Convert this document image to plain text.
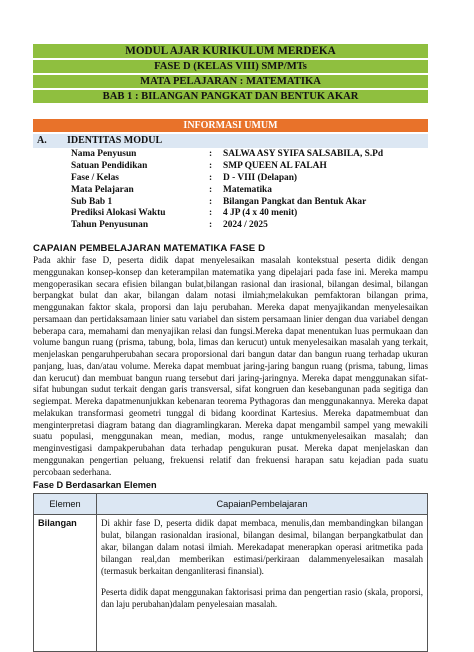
MODUL AJAR KURIKULUM MERDEKA
FASE D (KELAS VIII) SMP/MTs
MATA PELAJARAN : MATEMATIKA
BAB 1 : BILANGAN PANGKAT DAN BENTUK AKAR
INFORMASI UMUM
A.	IDENTITAS MODUL
Nama Penyusun	:	SALWA ASY SYIFA SALSABILA, S.Pd
Satuan Pendidikan	:	SMP QUEEN AL FALAH
Fase / Kelas	:	D - VIII (Delapan)
Mata Pelajaran	:	Matematika
Sub Bab 1	:	Bilangan Pangkat dan Bentuk Akar
Prediksi Alokasi Waktu	:	4 JP (4 x 40 menit)
Tahun Penyusunan	:	2024 / 2025
CAPAIAN PEMBELAJARAN MATEMATIKA FASE D
Pada akhir fase D, peserta didik dapat menyelesaikan masalah kontekstual peserta didik dengan menggunakan konsep-konsep dan keterampilan matematika yang dipelajari pada fase ini. Mereka mampu mengoperasikan secara efisien bilangan bulat,bilangan rasional dan irasional, bilangan desimal, bilangan berpangkat bulat dan akar, bilangan dalam notasi ilmiah;melakukan pemfaktoran bilangan prima, menggunakan faktor skala, proporsi dan laju perubahan. Mereka dapat menyajikandan menyelesaikan persamaan dan pertidaksamaan linier satu variabel dan sistem persamaan linier dengan dua variabel dengan beberapa cara, memahami dan menyajikan relasi dan fungsi.Mereka dapat menentukan luas permukaan dan volume bangun ruang (prisma, tabung, bola, limas dan kerucut) untuk menyelesaikan masalah yang terkait, menjelaskan pengaruhperubahan secara proporsional dari bangun datar dan bangun ruang terhadap ukuran panjang, luas, dan/atau volume. Mereka dapat membuat jaring-jaring bangun ruang (prisma, tabung, limas dan kerucut) dan membuat bangun ruang tersebut dari jaring-jaringnya. Mereka dapat menggunakan sifat-sifat hubungan sudut terkait dengan garis transversal, sifat kongruen dan kesebangunan pada segitiga dan segiempat. Mereka dapatmenunjukkan kebenaran teorema Pythagoras dan menggunakannya. Mereka dapat melakukan transformasi geometri tunggal di bidang koordinat Kartesius. Mereka dapatmembuat dan menginterpretasi diagram batang dan diagramlingkaran. Mereka dapat mengambil sampel yang mewakili suatu populasi, menggunakan mean, median, modus, range untukmenyelesaikan masalah; dan menginvestigasi dampakperubahan data terhadap pengukuran pusat. Mereka dapat menjelaskan dan menggunakan pengertian peluang, frekuensi relatif dan frekuensi harapan satu kejadian pada suatu percobaan sederhana.
Fase D Berdasarkan Elemen
Elemen	CapaianPembelajaran
Bilangan	Di akhir fase D, peserta didik dapat membaca, menulis,dan membandingkan bilangan bulat, bilangan rasionaldan irasional, bilangan desimal, bilangan berpangkatbulat dan akar, bilangan dalam notasi ilmiah. Merekadapat menerapkan operasi aritmetika pada bilangan real,dan memberikan estimasi/perkiraan dalammenyelesaikan masalah (termasuk berkaitan denganliterasi finansial).

Peserta didik dapat menggunakan faktorisasi prima dan pengertian rasio (skala, proporsi, dan laju perubahan)dalam penyelesaian masalah.
